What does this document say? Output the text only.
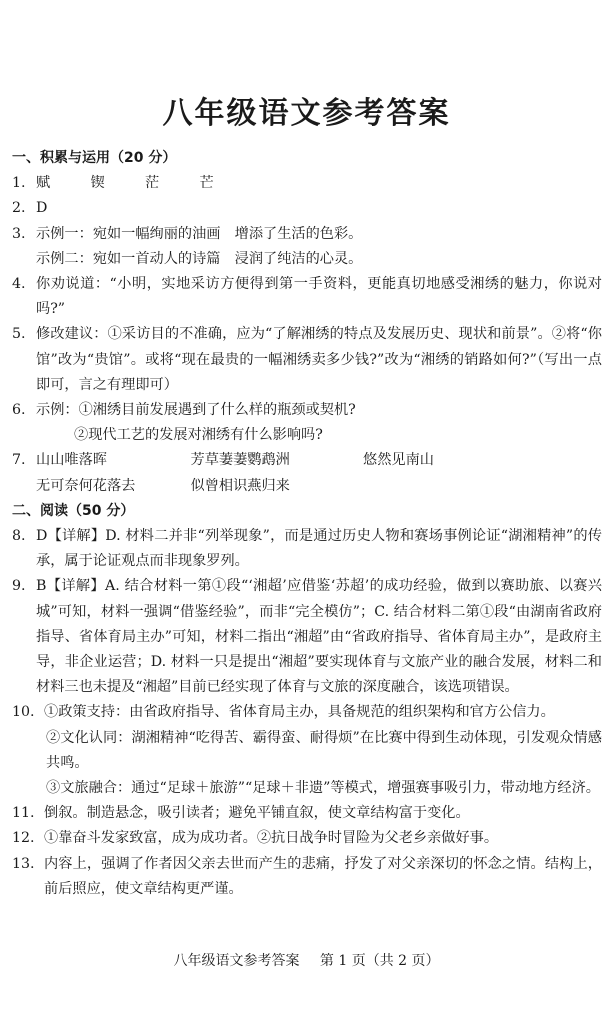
八年级语文参考答案
一、积累与运用（20 分）
1. 赋	锲	茫	芒
2. D
3. 示例一：宛如一幅绚丽的油画　增添了生活的色彩。
示例二：宛如一首动人的诗篇　浸润了纯洁的心灵。
4. 你劝说道：“小明，实地采访方便得到第一手资料，更能真切地感受湘绣的魅力，你说对吗?”
5. 修改建议：①采访目的不准确，应为“了解湘绣的特点及发展历史、现状和前景”。②将“你馆”改为“贵馆”。或将“现在最贵的一幅湘绣卖多少钱?”改为“湘绣的销路如何?”（写出一点即可，言之有理即可）
6. 示例：①湘绣目前发展遇到了什么样的瓶颈或契机?
②现代工艺的发展对湘绣有什么影响吗?
7. 山山唯落晖	芳草萋萋鹦鹉洲	悠然见南山
无可奈何花落去	似曾相识燕归来
二、阅读（50 分）
8. D【详解】D. 材料二并非“列举现象”，而是通过历史人物和赛场事例论证“湖湘精神”的传承，属于论证观点而非现象罗列。
9. B【详解】A. 结合材料一第①段“‘湘超’应借鉴‘苏超’的成功经验，做到以赛助旅、以赛兴城”可知，材料一强调“借鉴经验”，而非“完全模仿”；C. 结合材料二第①段“由湖南省政府指导、省体育局主办”可知，材料二指出“湘超”由“省政府指导、省体育局主办”，是政府主导，非企业运营；D. 材料一只是提出“湘超”要实现体育与文旅产业的融合发展，材料二和材料三也未提及“湘超”目前已经实现了体育与文旅的深度融合，该选项错误。
10. ①政策支持：由省政府指导、省体育局主办，具备规范的组织架构和官方公信力。
②文化认同：湖湘精神“吃得苦、霸得蛮、耐得烦”在比赛中得到生动体现，引发观众情感共鸣。
③文旅融合：通过“足球＋旅游”“足球＋非遗”等模式，增强赛事吸引力，带动地方经济。
11. 倒叙。制造悬念，吸引读者；避免平铺直叙，使文章结构富于变化。
12. ①靠奋斗发家致富，成为成功者。②抗日战争时冒险为父老乡亲做好事。
13. 内容上，强调了作者因父亲去世而产生的悲痛，抒发了对父亲深切的怀念之情。结构上，前后照应，使文章结构更严谨。
八年级语文参考答案 第 1 页（共 2 页）
